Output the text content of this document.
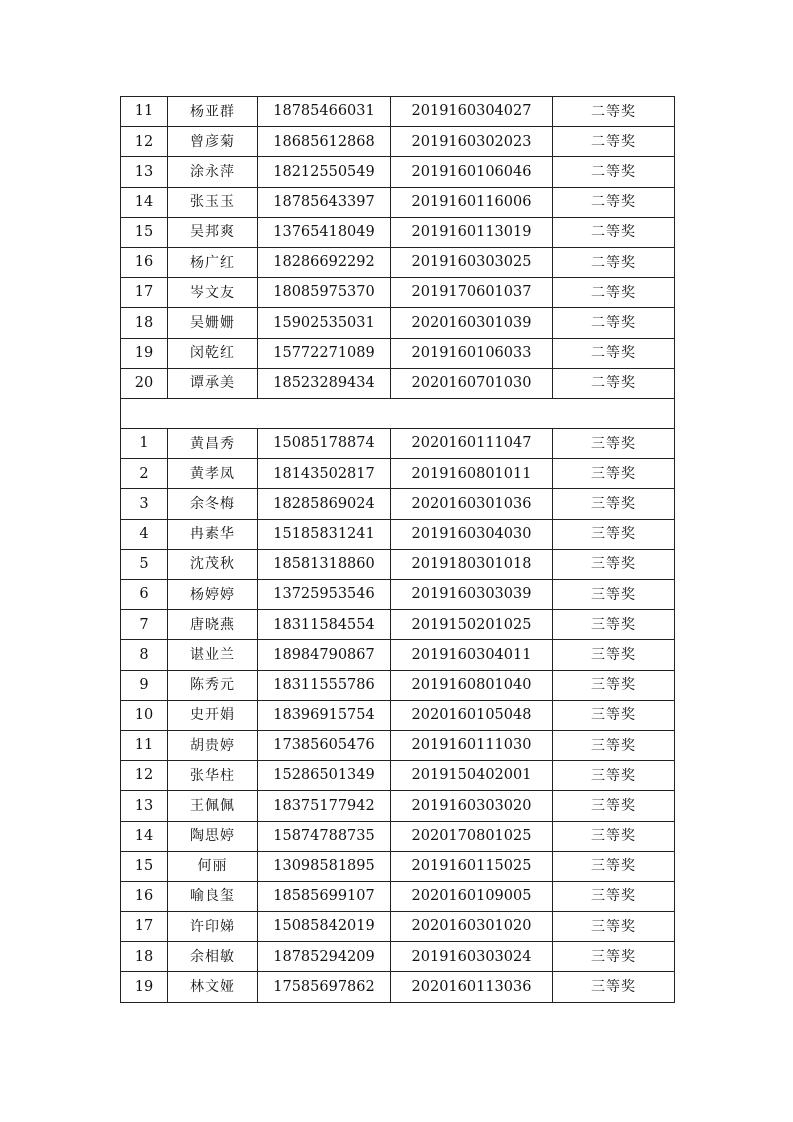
11	杨亚群	18785466031	2019160304027	二等奖
12	曾彦菊	18685612868	2019160302023	二等奖
13	涂永萍	18212550549	2019160106046	二等奖
14	张玉玉	18785643397	2019160116006	二等奖
15	吴邦爽	13765418049	2019160113019	二等奖
16	杨广红	18286692292	2019160303025	二等奖
17	岑文友	18085975370	2019170601037	二等奖
18	吴姗姗	15902535031	2020160301039	二等奖
19	闵乾红	15772271089	2019160106033	二等奖
20	谭承美	18523289434	2020160701030	二等奖

1	黄昌秀	15085178874	2020160111047	三等奖
2	黄孝凤	18143502817	2019160801011	三等奖
3	余冬梅	18285869024	2020160301036	三等奖
4	冉素华	15185831241	2019160304030	三等奖
5	沈茂秋	18581318860	2019180301018	三等奖
6	杨婷婷	13725953546	2019160303039	三等奖
7	唐晓燕	18311584554	2019150201025	三等奖
8	谌业兰	18984790867	2019160304011	三等奖
9	陈秀元	18311555786	2019160801040	三等奖
10	史开娟	18396915754	2020160105048	三等奖
11	胡贵婷	17385605476	2019160111030	三等奖
12	张华柱	15286501349	2019150402001	三等奖
13	王佩佩	18375177942	2019160303020	三等奖
14	陶思婷	15874788735	2020170801025	三等奖
15	何丽	13098581895	2019160115025	三等奖
16	喻良玺	18585699107	2020160109005	三等奖
17	许印娣	15085842019	2020160301020	三等奖
18	余相敏	18785294209	2019160303024	三等奖
19	林文娅	17585697862	2020160113036	三等奖
